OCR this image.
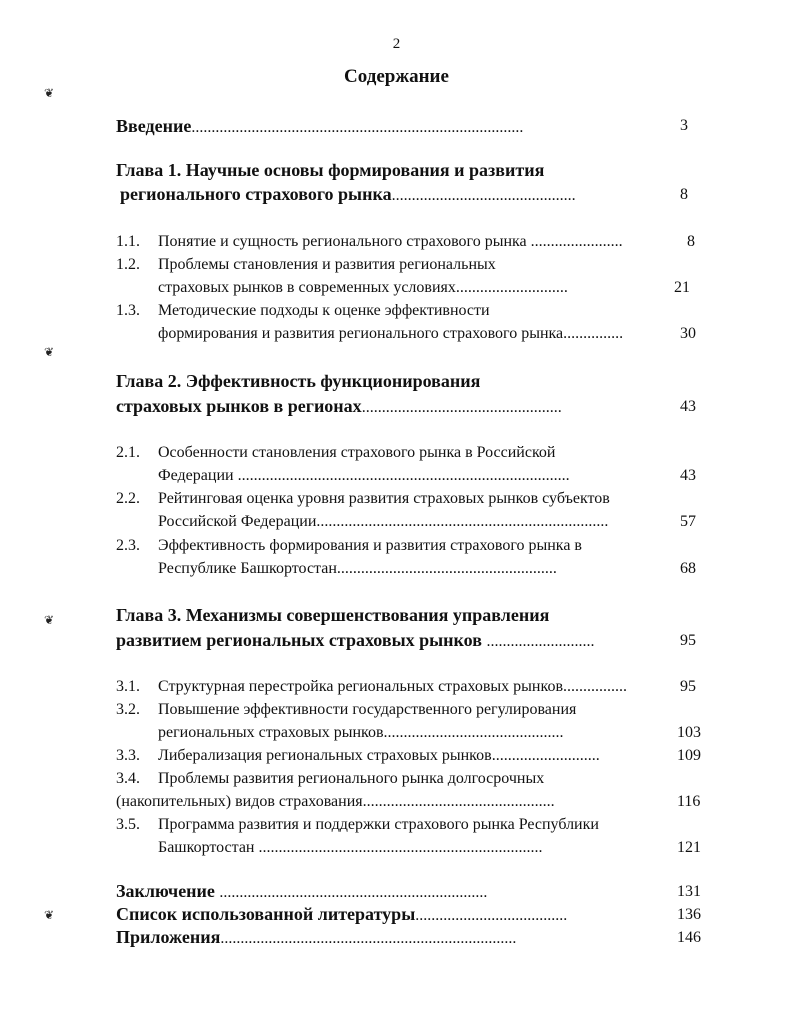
2
Содержание
❦
❦
❦
❦
Введение...................................................................................	3
Глава 1. Научные основы формирования и развития
регионального страхового рынка..............................................	8
1.1. Понятие и сущность регионального страхового рынка .......................	8
1.2. Проблемы становления и развития региональных
страховых рынков в современных условиях............................	21
1.3. Методические подходы к оценке эффективности
формирования и развития регионального страхового рынка...............	30
Глава 2. Эффективность функционирования
страховых рынков в регионах..................................................	43
2.1. Особенности становления страхового рынка в Российской
Федерации ...................................................................................	43
2.2. Рейтинговая оценка уровня развития страховых рынков субъектов
Российской Федерации.........................................................................	57
2.3. Эффективность формирования и развития страхового рынка в
Республике Башкортостан.......................................................	68
Глава 3. Механизмы совершенствования управления
развитием региональных страховых рынков ...........................	95
3.1. Структурная перестройка региональных страховых рынков................	95
3.2. Повышение эффективности государственного регулирования
региональных страховых рынков.............................................	103
3.3. Либерализация региональных страховых рынков...........................	109
3.4. Проблемы развития регионального рынка долгосрочных
(накопительных) видов страхования................................................	116
3.5. Программа развития и поддержки страхового рынка Республики
Башкортостан .......................................................................	121
Заключение ...................................................................	131
Список использованной литературы......................................	136
Приложения..........................................................................	146
